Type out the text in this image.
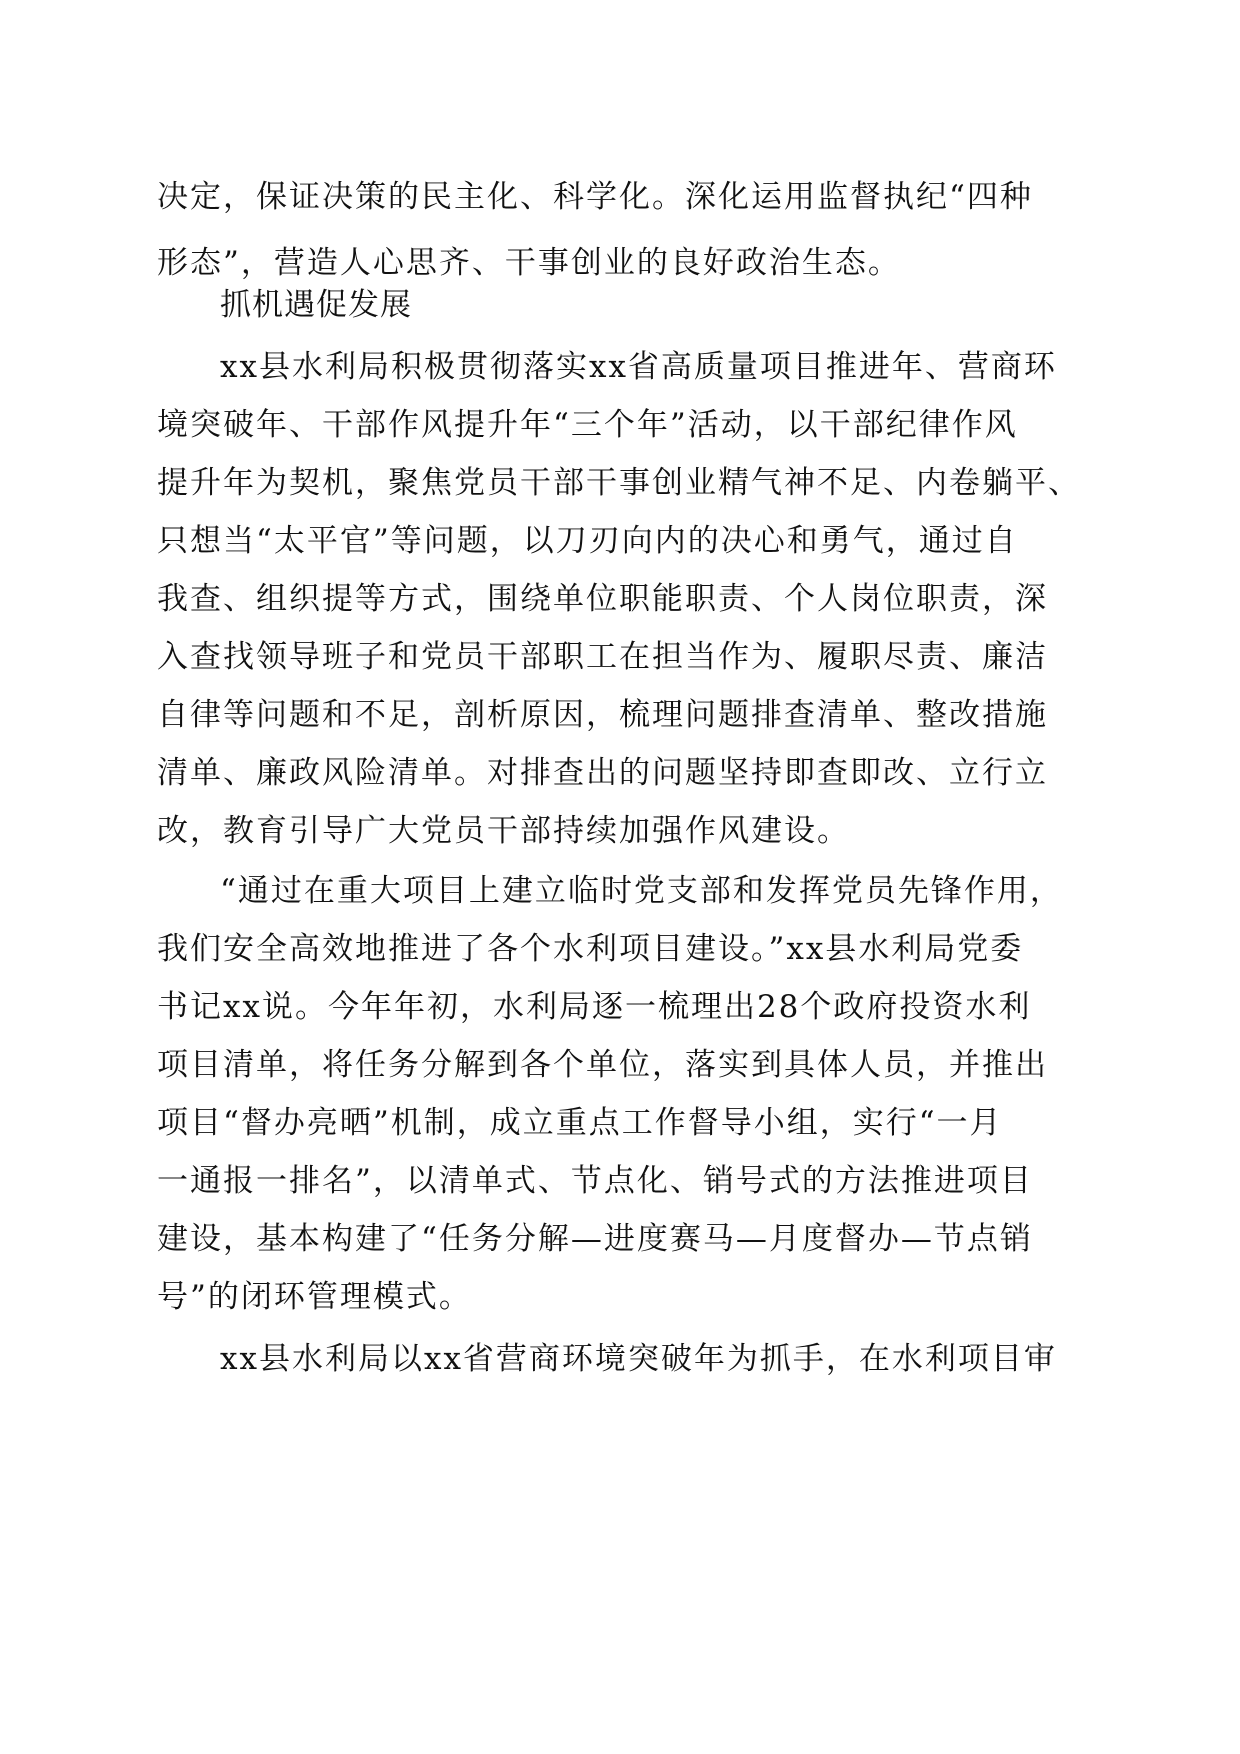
决定，保证决策的民主化、科学化。深化运用监督执纪“四种
形态”，营造人心思齐、干事创业的良好政治生态。
抓机遇促发展
xx县水利局积极贯彻落实xx省高质量项目推进年、营商环
境突破年、干部作风提升年“三个年”活动，以干部纪律作风
提升年为契机，聚焦党员干部干事创业精气神不足、内卷躺平、
只想当“太平官”等问题，以刀刃向内的决心和勇气，通过自
我查、组织提等方式，围绕单位职能职责、个人岗位职责，深
入查找领导班子和党员干部职工在担当作为、履职尽责、廉洁
自律等问题和不足，剖析原因，梳理问题排查清单、整改措施
清单、廉政风险清单。对排查出的问题坚持即查即改、立行立
改，教育引导广大党员干部持续加强作风建设。
“通过在重大项目上建立临时党支部和发挥党员先锋作用，
我们安全高效地推进了各个水利项目建设。”xx县水利局党委
书记xx说。今年年初，水利局逐一梳理出28个政府投资水利
项目清单，将任务分解到各个单位，落实到具体人员，并推出
项目“督办亮晒”机制，成立重点工作督导小组，实行“一月
一通报一排名”，以清单式、节点化、销号式的方法推进项目
建设，基本构建了“任务分解—进度赛马—月度督办—节点销
号”的闭环管理模式。
xx县水利局以xx省营商环境突破年为抓手，在水利项目审
